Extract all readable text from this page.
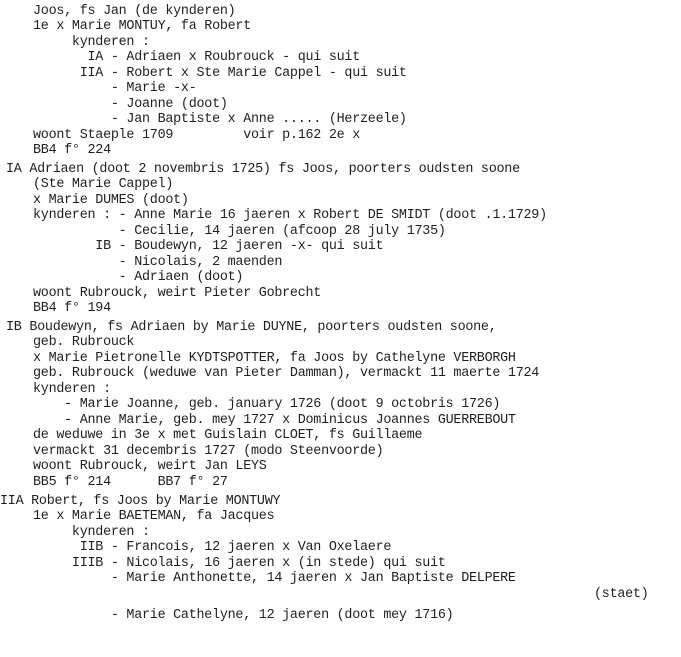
Joos, fs Jan (de kynderen)
1e x Marie MONTUY, fa Robert
kynderen :
IA - Adriaen x Roubrouck - qui suit
IIA - Robert x Ste Marie Cappel - qui suit
- Marie -x-
- Joanne (doot)
- Jan Baptiste x Anne ..... (Herzeele)
woont Staeple 1709         voir p.162 2e x
BB4 f° 224
IA Adriaen (doot 2 novembris 1725) fs Joos, poorters oudsten soone
(Ste Marie Cappel)
x Marie DUMES (doot)
kynderen : - Anne Marie 16 jaeren x Robert DE SMIDT (doot .1.1729)
- Cecilie, 14 jaeren (afcoop 28 july 1735)
IB - Boudewyn, 12 jaeren -x- qui suit
- Nicolais, 2 maenden
- Adriaen (doot)
woont Rubrouck, weirt Pieter Gobrecht
BB4 f° 194
IB Boudewyn, fs Adriaen by Marie DUYNE, poorters oudsten soone,
geb. Rubrouck
x Marie Pietronelle KYDTSPOTTER, fa Joos by Cathelyne VERBORGH
geb. Rubrouck (weduwe van Pieter Damman), vermackt 11 maerte 1724
kynderen :
- Marie Joanne, geb. january 1726 (doot 9 octobris 1726)
- Anne Marie, geb. mey 1727 x Dominicus Joannes GUERREBOUT
de weduwe in 3e x met Guislain CLOET, fs Guillaeme
vermackt 31 decembris 1727 (modo Steenvoorde)
woont Rubrouck, weirt Jan LEYS
BB5 f° 214      BB7 f° 27
IIA Robert, fs Joos by Marie MONTUWY
1e x Marie BAETEMAN, fa Jacques
kynderen :
IIB - Francois, 12 jaeren x Van Oxelaere
IIIB - Nicolais, 16 jaeren x (in stede) qui suit
- Marie Anthonette, 14 jaeren x Jan Baptiste DELPERE
(staet)
- Marie Cathelyne, 12 jaeren (doot mey 1716)
